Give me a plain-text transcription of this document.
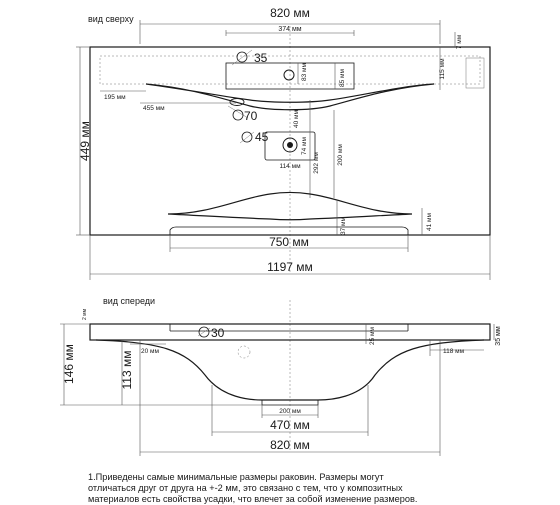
вид сверху	820 мм
374 мм
35
83 мм	85 мм	115 мм
7 мм
195 мм
455 мм
70	40 мм
449 мм	45
74 мм
114 мм 292 мм	200 мм
37 мм	41 мм
750 мм
1197 мм
вид спереди
2 мм
30
146 мм	113 мм 20 мм
25 мм
118 мм
35 мм
200 мм
470 мм
820 мм
1.Приведены самые минимальные размеры раковин. Размеры могут
отличаться друг от друга на +-2 мм, это связано с тем, что у композитных
материалов есть свойства усадки, что влечет за собой изменение размеров.
